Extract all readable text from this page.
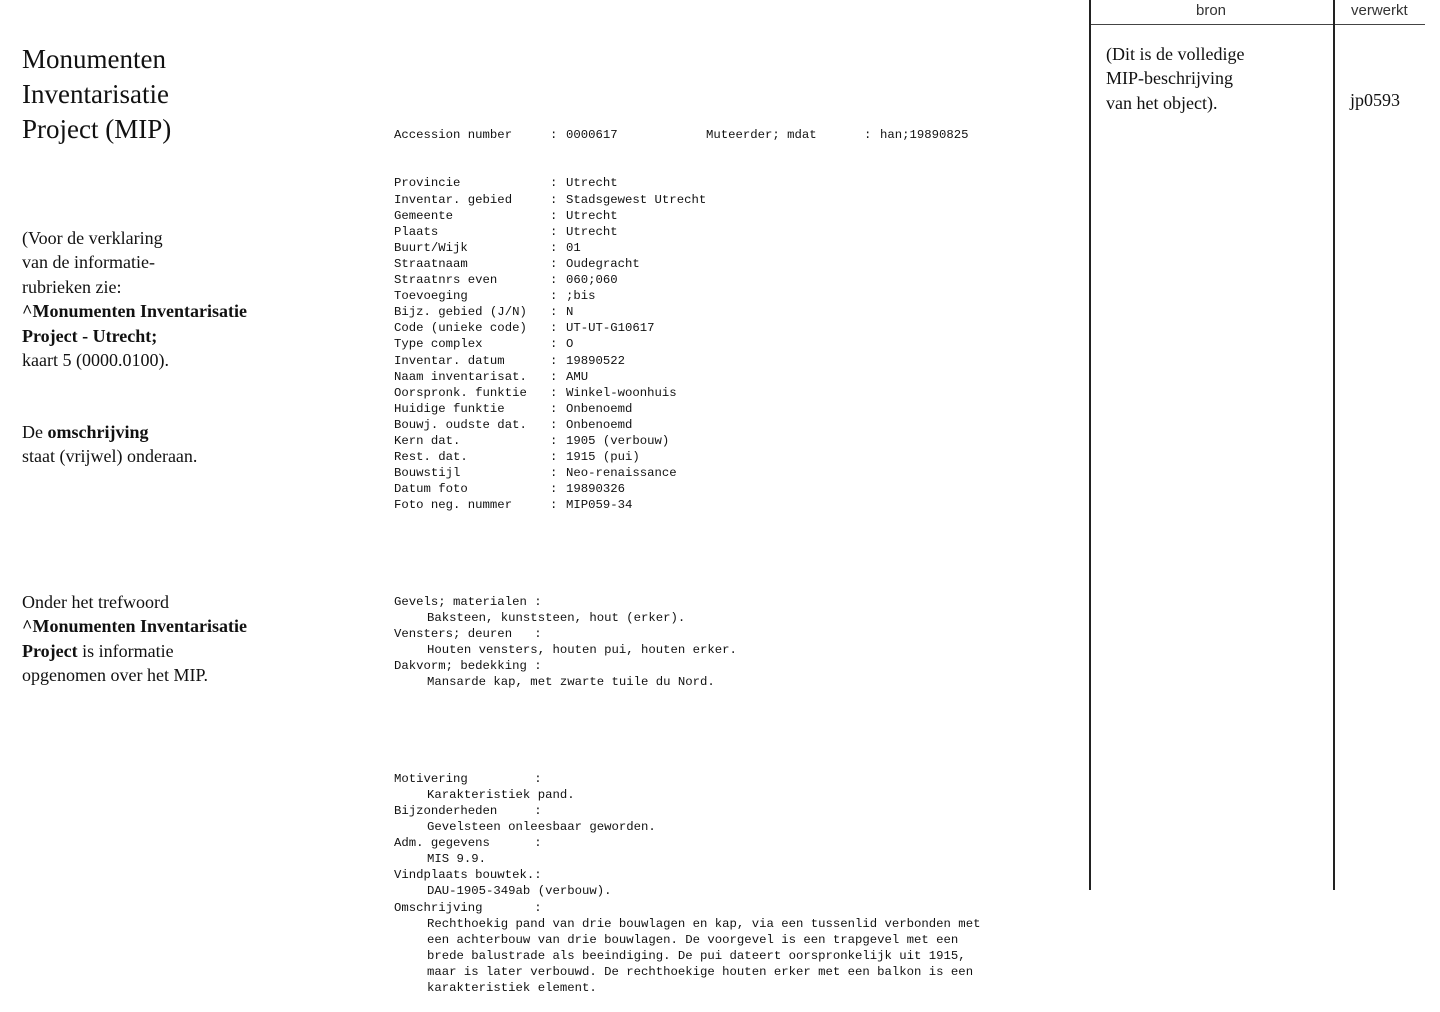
Monumenten
Inventarisatie
Project (MIP)
(Voor de verklaring
van de informatie-
rubrieken zie:
^Monumenten Inventarisatie
Project - Utrecht;
kaart 5 (0000.0100).
De omschrijving
staat (vrijwel) onderaan.
Onder het trefwoord
^Monumenten Inventarisatie
Project is informatie
opgenomen over het MIP.

Accession number	: 0000617	Muteerder; mdat	: han;19890825

Provincie	: Utrecht
Inventar. gebied	: Stadsgewest Utrecht
Gemeente	: Utrecht
Plaats	: Utrecht
Buurt/Wijk	: 01
Straatnaam	: Oudegracht
Straatnrs even	: 060;060
Toevoeging	: ;bis
Bijz. gebied (J/N)	: N
Code (unieke code)	: UT-UT-G10617
Type complex	: O
Inventar. datum	: 19890522
Naam inventarisat.	: AMU
Oorspronk. funktie	: Winkel-woonhuis
Huidige funktie	: Onbenoemd
Bouwj. oudste dat.	: Onbenoemd
Kern dat.	: 1905 (verbouw)
Rest. dat.	: 1915 (pui)
Bouwstijl	: Neo-renaissance
Datum foto	: 19890326
Foto neg. nummer	: MIP059-34

Gevels; materialen :
Baksteen, kunststeen, hout (erker).
Vensters; deuren   :
Houten vensters, houten pui, houten erker.
Dakvorm; bedekking :
Mansarde kap, met zwarte tuile du Nord.

Motivering         :
Karakteristiek pand.
Bijzonderheden     :
Gevelsteen onleesbaar geworden.
Adm. gegevens      :
MIS 9.9.
Vindplaats bouwtek.:
DAU-1905-349ab (verbouw).
Omschrijving       :
Rechthoekig pand van drie bouwlagen en kap, via een tussenlid verbonden met
een achterbouw van drie bouwlagen. De voorgevel is een trapgevel met een
brede balustrade als beeindiging. De pui dateert oorspronkelijk uit 1915,
maar is later verbouwd. De rechthoekige houten erker met een balkon is een
karakteristiek element.

bron	verwerkt
(Dit is de volledige
MIP-beschrijving
van het object).	jp0593
